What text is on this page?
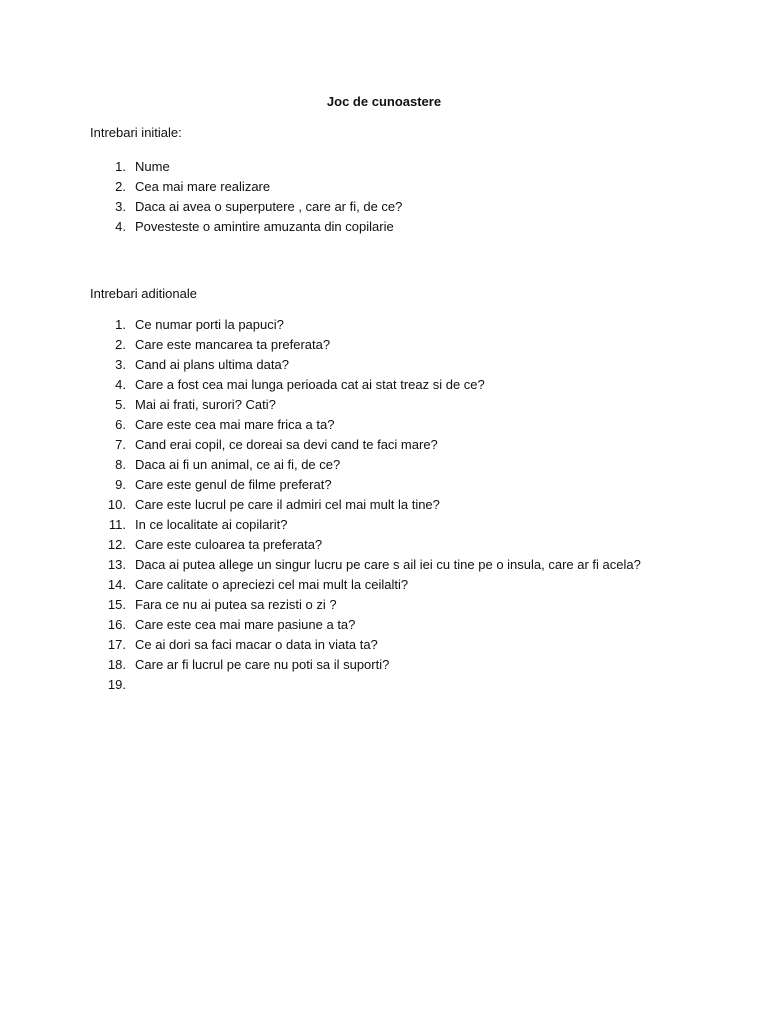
Joc de cunoastere
Intrebari initiale:
1. Nume
2. Cea mai mare realizare
3. Daca ai avea o superputere , care ar fi, de ce?
4. Povesteste o amintire amuzanta din copilarie
Intrebari aditionale
1. Ce numar porti la papuci?
2. Care este mancarea ta preferata?
3. Cand ai plans ultima data?
4. Care a fost cea mai lunga perioada cat ai stat treaz si de ce?
5. Mai ai frati, surori? Cati?
6. Care este cea mai mare frica a ta?
7. Cand erai copil, ce doreai sa devi cand te faci mare?
8. Daca ai fi un animal, ce ai fi, de ce?
9. Care este genul de filme preferat?
10. Care este lucrul pe care il admiri cel mai mult la tine?
11. In ce localitate ai copilarit?
12. Care este culoarea ta preferata?
13. Daca ai putea allege un singur lucru pe care s ail iei cu tine pe o insula, care ar fi acela?
14. Care calitate o apreciezi cel mai mult la ceilalti?
15. Fara ce nu ai putea sa rezisti o zi ?
16. Care este cea mai mare pasiune a ta?
17. Ce ai dori sa faci macar o data in viata ta?
18. Care ar fi lucrul pe care nu poti sa il suporti?
19.
